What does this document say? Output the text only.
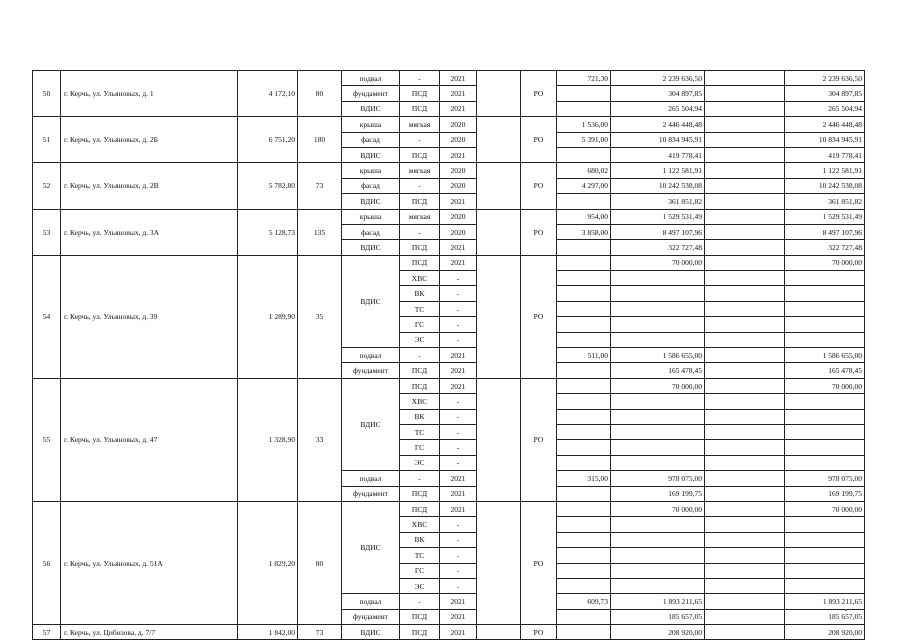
50	г. Керчь, ул. Ульяновых, д. 1	4 172,10	80	подвал	-	2021		РО	721,30	2 239 636,50		2 239 636,50
				фундамент	ПСД	2021				304 897,85		304 897,85
				ВДИС	ПСД	2021				265 504,94		265 504,94
51	г. Керчь, ул. Ульяновых, д. 2Б	6 751,20	180	крыша	мягкая	2020		РО	1 536,00	2 446 448,48		2 446 448,48
				фасад	-	2020			5 391,00	10 834 945,91		10 834 945,91
				ВДИС	ПСД	2021				419 778,41		419 778,41
52	г. Керчь, ул. Ульяновых, д. 2В	5 782,80	73	крыша	мягкая	2020		РО	680,02	1 122 581,91		1 122 581,91
				фасад	-	2020			4 297,00	10 242 538,08		10 242 538,08
				ВДИС	ПСД	2021				361 851,82		361 851,82
53	г. Керчь, ул. Ульяновых, д. 3А	5 128,73	135	крыша	мягкая	2020		РО	954,00	1 529 531,49		1 529 531,49
				фасад	-	2020			3 858,00	8 497 107,96		8 497 107,96
				ВДИС	ПСД	2021				322 727,48		322 727,48
54	г. Керчь, ул. Ульяновых, д. 39	1 289,90	35	ВДИС	ПСД	2021		РО		70 000,00		70 000,00
					ХВС	-						
					ВК	-						
					ТС	-						
					ГС	-						
					ЭС	-						
				подвал	-	2021			511,00	1 586 655,00		1 586 655,00
				фундамент	ПСД	2021				165 478,45		165 478,45
55	г. Керчь, ул. Ульяновых, д. 47	1 328,90	33	ВДИС	ПСД	2021		РО		70 000,00		70 000,00
					ХВС	-						
					ВК	-						
					ТС	-						
					ГС	-						
					ЭС	-						
				подвал	-	2021			315,00	978 075,00		978 075,00
				фундамент	ПСД	2021				169 199,75		169 199,75
56	г. Керчь, ул. Ульяновых, д. 51А	1 829,20	80	ВДИС	ПСД	2021		РО		70 000,00		70 000,00
					ХВС	-						
					ВК	-						
					ТС	-						
					ГС	-						
					ЭС	-						
				подвал	-	2021			609,73	1 893 211,65		1 893 211,65
				фундамент	ПСД	2021				185 657,05		185 657,05
57	г. Керчь, ул. Цибизова, д. 7/7	1 842,00	73	ВДИС	ПСД	2021		РО		208 920,00		208 920,00
